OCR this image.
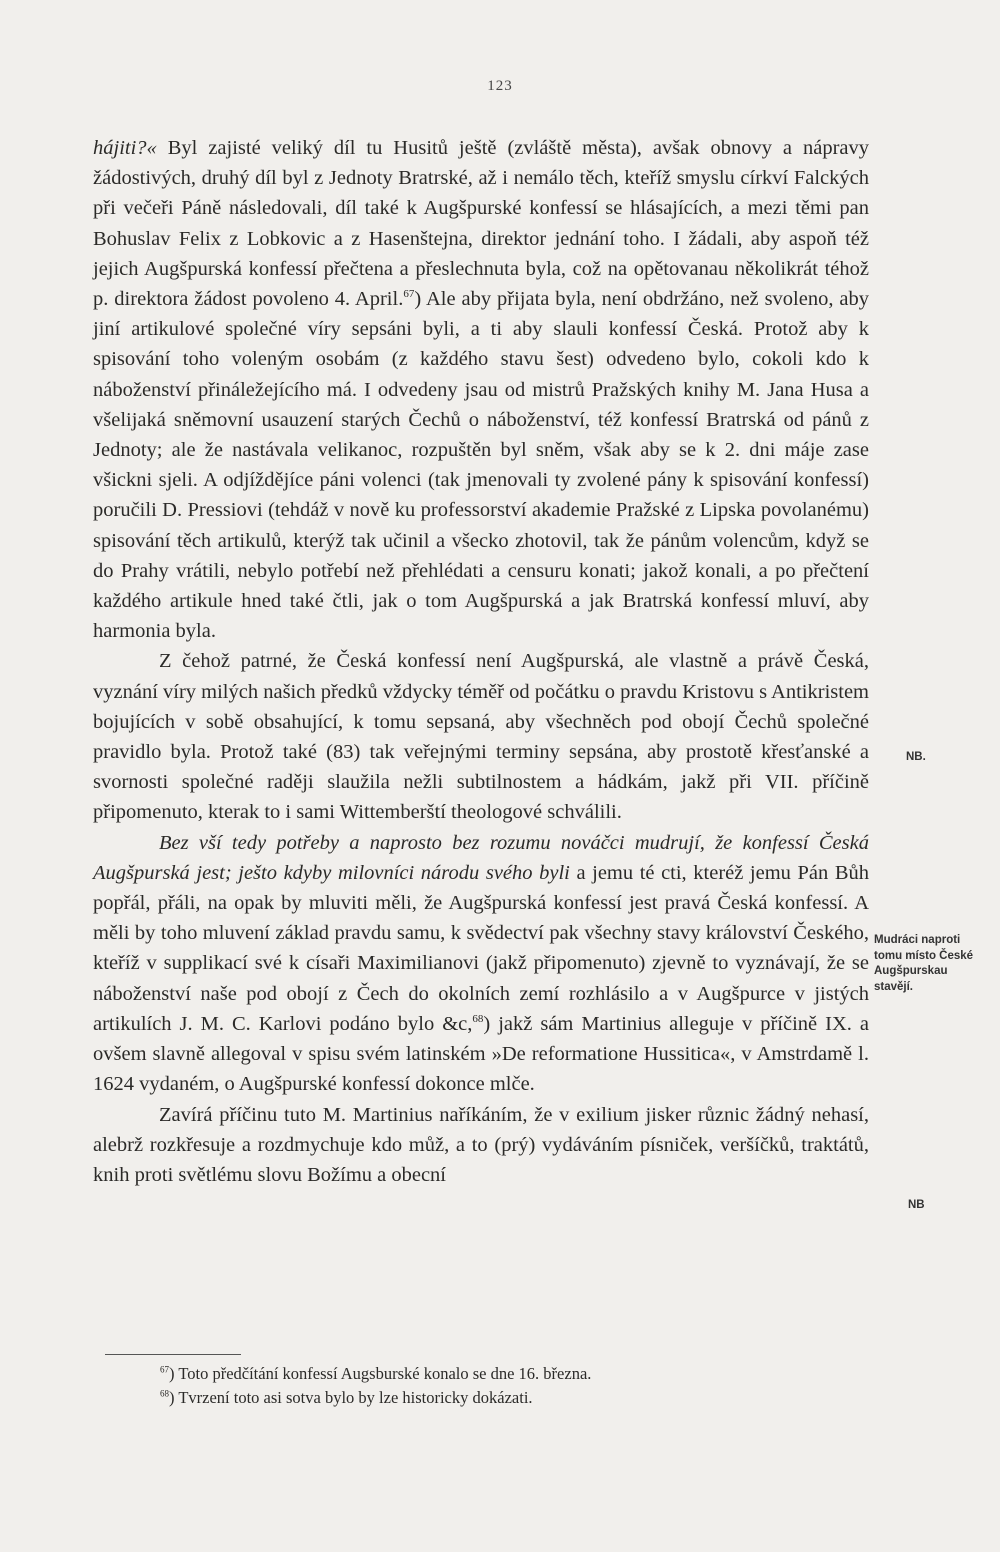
123

hájiti?« Byl zajisté veliký díl tu Husitů ještě (zvláště města), avšak obnovy a nápravy žádostivých, druhý díl byl z Jednoty Bratrské, až i nemálo těch, kteříž smyslu církví Falckých při večeři Páně následovali, díl také k Augšpurské konfessí se hlásajících, a mezi těmi pan Bohuslav Felix z Lobkovic a z Hasenštejna, direktor jednání toho. I žádali, aby aspoň též jejich Augšpurská konfessí přečtena a přeslechnuta byla, což na opětovanau několikrát téhož p. direktora žádost povoleno 4. April.$^{67}$) Ale aby přijata byla, není obdržáno, než svoleno, aby jiní artikulové společné víry sepsáni byli, a ti aby slauli konfessí Česká. Protož aby k spisování toho voleným osobám (z každého stavu šest) odvedeno bylo, cokoli kdo k náboženství přináležejícího má. I odvedeny jsau od mistrů Pražských knihy M. Jana Husa a všelijaká sněmovní usauzení starých Čechů o náboženství, též konfessí Bratrská od pánů z Jednoty; ale že nastávala velikanoc, rozpuštěn byl sněm, však aby se k 2. dni máje zase všickni sjeli. A odjíždějíce páni volenci (tak jmenovali ty zvolené pány k spisování konfessí) poručili D. Pressiovi (tehdáž v nově ku professorství akademie Pražské z Lipska povolanému) spisování těch artikulů, kterýž tak učinil a všecko zhotovil, tak že pánům volencům, když se do Prahy vrátili, nebylo potřebí než přehlédati a censuru konati; jakož konali, a po přečtení každého artikule hned také čtli, jak o tom Augšpurská a jak Bratrská konfessí mluví, aby harmonia byla.

Z čehož patrné, že Česká konfessí není Augšpurská, ale vlastně a právě Česká, vyznání víry milých našich předků vždycky téměř od počátku o pravdu Kristovu s Antikristem bojujících v sobě obsahující, k tomu sepsaná, aby všechněch pod obojí Čechů společné pravidlo byla. Protož také (83) tak veřejnými terminy sepsána, aby prostotě křesťanské a svornosti společné raději slaužila nežli subtilnostem a hádkám, jakž při VII. příčině připomenuto, kterak to i sami Wittemberští theologové schválili.

Bez vší tedy potřeby a naprosto bez rozumu nováčci mudrují, že konfessí Česká Augšpurská jest; ješto kdyby milovníci národu svého byli a jemu té cti, kteréž jemu Pán Bůh popřál, přáli, na opak by mluviti měli, že Augšpurská konfessí jest pravá Česká konfessí. A měli by toho mluvení základ pravdu samu, k svědectví pak všechny stavy království Českého, kteříž v supplikací své k císaři Maximilianovi (jakž připomenuto) zjevně to vyznávají, že se náboženství naše pod obojí z Čech do okolních zemí rozhlásilo a v Augšpurce v jistých artikulích J. M. C. Karlovi podáno bylo &c,$^{68}$) jakž sám Martinius alleguje v příčině IX. a ovšem slavně allegoval v spisu svém latinském »De reformatione Hussitica«, v Amstrdamě l. 1624 vydaném, o Augšpurské konfessí dokonce mlčе.

Zavírá příčinu tuto M. Martinius naříkáním, že v exilium jisker různic žádný nehasí, alebrž rozkřesuje a rozdmychuje kdo můž, a to (prý) vydáváním písniček, veršíčků, traktátů, knih proti světlému slovu Božímu a obecní

NB.
Mudráci naproti tomu místo České Augšpurskau stavějí.
NB

$^{67}$) Toto předčítání konfessí Augsburské konalo se dne 16. března.

$^{68}$) Tvrzení toto asi sotva bylo by lze historicky dokázati.
